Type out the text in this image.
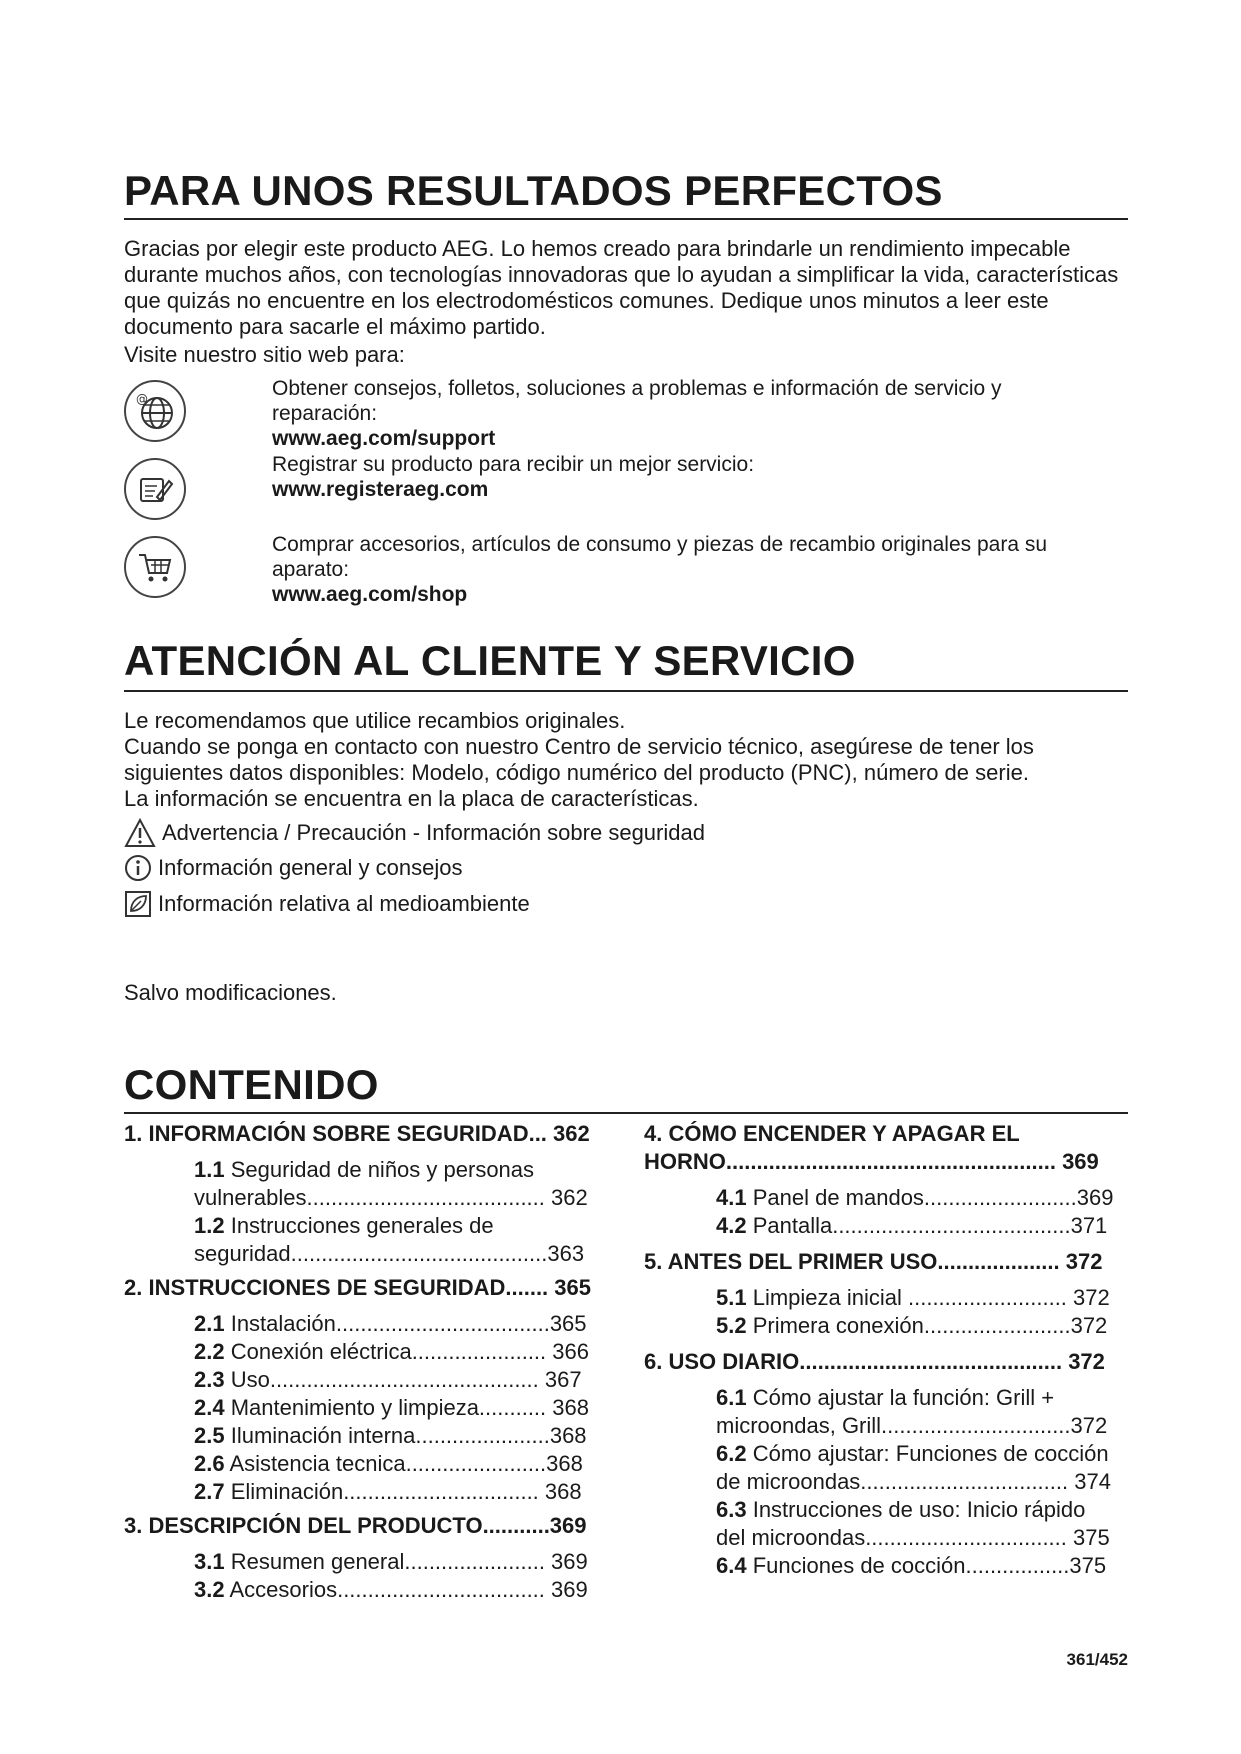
PARA UNOS RESULTADOS PERFECTOS

Gracias por elegir este producto AEG. Lo hemos creado para brindarle un rendimiento impecable durante muchos años, con tecnologías innovadoras que lo ayudan a simplificar la vida, características que quizás no encuentre en los electrodomésticos comunes. Dedique unos minutos a leer este documento para sacarle el máximo partido.

Visite nuestro sitio web para:

@	Obtener consejos, folletos, soluciones a problemas e información de servicio y reparación:
www.aeg.com/support
Registrar su producto para recibir un mejor servicio:
www.registeraeg.com
Comprar accesorios, artículos de consumo y piezas de recambio originales para su aparato:
www.aeg.com/shop
ATENCIÓN AL CLIENTE Y SERVICIO

Le recomendamos que utilice recambios originales.

Cuando se ponga en contacto con nuestro Centro de servicio técnico, asegúrese de tener los siguientes datos disponibles: Modelo, código numérico del producto (PNC), número de serie.

La información se encuentra en la placa de características.

Advertencia / Precaución - Información sobre seguridad
Información general y consejos
Información relativa al medioambiente

Salvo modificaciones.

CONTENIDO
1. INFORMACIÓN SOBRE SEGURIDAD... 362
1.1 Seguridad de niños y personas
vulnerables....................................... 362
1.2 Instrucciones generales de
seguridad..........................................363
2. INSTRUCCIONES DE SEGURIDAD....... 365
2.1 Instalación...................................365
2.2 Conexión eléctrica...................... 366
2.3 Uso............................................ 367
2.4 Mantenimiento y limpieza........... 368
2.5 Iluminación interna......................368
2.6 Asistencia tecnica.......................368
2.7 Eliminación................................ 368
3. DESCRIPCIÓN DEL PRODUCTO...........369
3.1 Resumen general....................... 369
3.2 Accesorios.................................. 369
4. CÓMO ENCENDER Y APAGAR EL
HORNO...................................................... 369
4.1 Panel de mandos.........................369
4.2 Pantalla.......................................371
5. ANTES DEL PRIMER USO.................... 372
5.1 Limpieza inicial .......................... 372
5.2 Primera conexión........................372
6. USO DIARIO........................................... 372
6.1 Cómo ajustar la función: Grill +
microondas, Grill...............................372
6.2 Cómo ajustar: Funciones de cocción
de microondas.................................. 374
6.3 Instrucciones de uso: Inicio rápido
del microondas................................. 375
6.4 Funciones de cocción.................375
361/452
